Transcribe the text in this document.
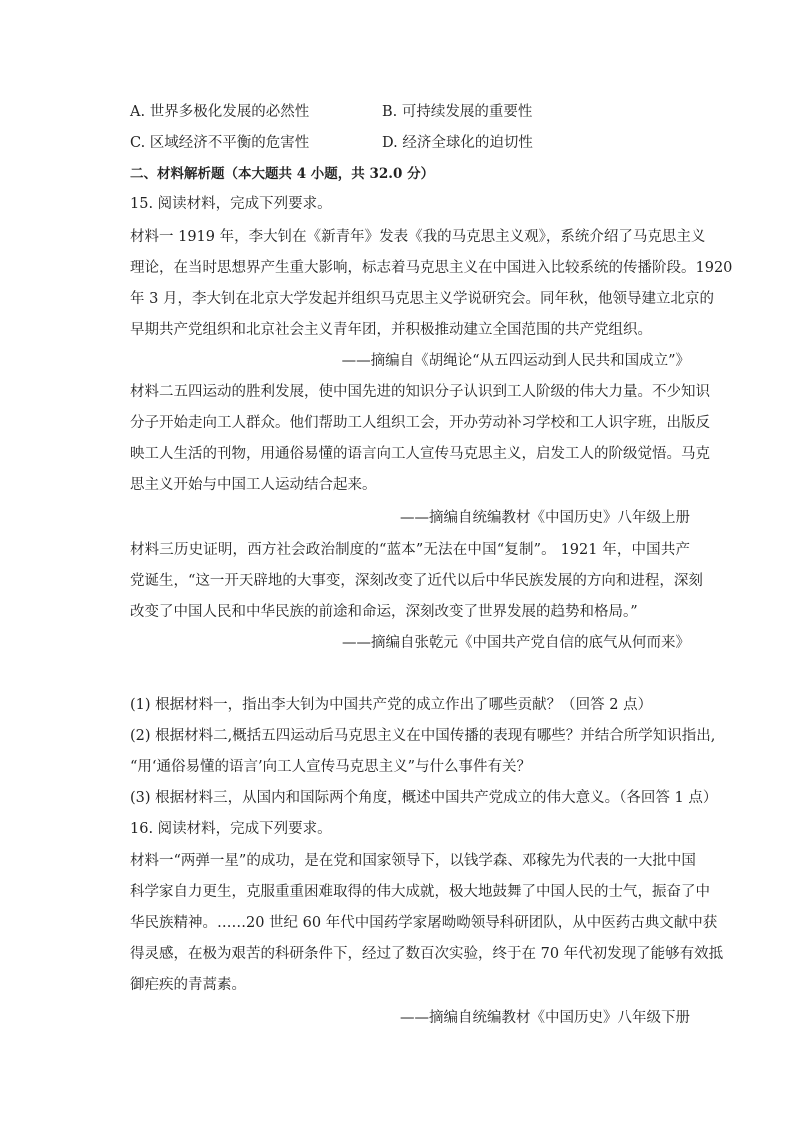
A. 世界多极化发展的必然性	B. 可持续发展的重要性
C. 区域经济不平衡的危害性	D. 经济全球化的迫切性
二、材料解析题（本大题共 4 小题，共 32.0 分）
15. 阅读材料，完成下列要求。
材料一 1919 年，李大钊在《新青年》发表《我的马克思主义观》，系统介绍了马克思主义
理论，在当时思想界产生重大影响，标志着马克思主义在中国进入比较系统的传播阶段。1920
年 3 月，李大钊在北京大学发起并组织马克思主义学说研究会。同年秋，他领导建立北京的
早期共产党组织和北京社会主义青年团，并积极推动建立全国范围的共产党组织。
——摘编自《胡绳论“从五四运动到人民共和国成立”》
材料二五四运动的胜利发展，使中国先进的知识分子认识到工人阶级的伟大力量。不少知识
分子开始走向工人群众。他们帮助工人组织工会，开办劳动补习学校和工人识字班，出版反
映工人生活的刊物，用通俗易懂的语言向工人宣传马克思主义，启发工人的阶级觉悟。马克
思主义开始与中国工人运动结合起来。
——摘编自统编教材《中国历史》八年级上册
材料三历史证明，西方社会政治制度的“蓝本”无法在中国“复制”。 1921 年，中国共产
党诞生，“这一开天辟地的大事变，深刻改变了近代以后中华民族发展的方向和进程，深刻
改变了中国人民和中华民族的前途和命运，深刻改变了世界发展的趋势和格局。”
——摘编自张乾元《中国共产党自信的底气从何而来》
(1) 根据材料一，指出李大钊为中国共产党的成立作出了哪些贡献？（回答 2 点）
(2) 根据材料二,概括五四运动后马克思主义在中国传播的表现有哪些？并结合所学知识指出,
“用‘通俗易懂的语言’向工人宣传马克思主义”与什么事件有关？
(3) 根据材料三，从国内和国际两个角度，概述中国共产党成立的伟大意义。（各回答 1 点）
16. 阅读材料，完成下列要求。
材料一“两弹一星”的成功，是在党和国家领导下，以钱学森、邓稼先为代表的一大批中国
科学家自力更生，克服重重困难取得的伟大成就，极大地鼓舞了中国人民的士气，振奋了中
华民族精神。……20 世纪 60 年代中国药学家屠呦呦领导科研团队，从中医药古典文献中获
得灵感，在极为艰苦的科研条件下，经过了数百次实验，终于在 70 年代初发现了能够有效抵
御疟疾的青蒿素。
——摘编自统编教材《中国历史》八年级下册
